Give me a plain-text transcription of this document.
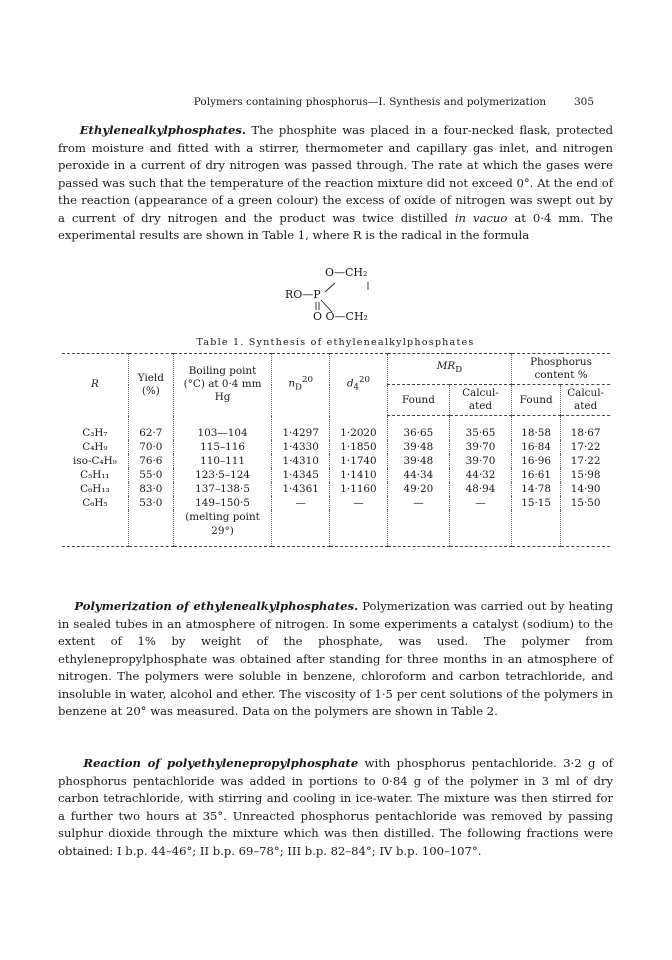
Polymers containing phosphorus—I. Synthesis and polymerization	305

Ethylenealkylphosphates. The phosphite was placed in a four-necked flask, protected from moisture and fitted with a stirrer, thermometer and capillary gas inlet, and nitrogen peroxide in a current of dry nitrogen was passed through. The rate at which the gases were passed was such that the temperature of the reaction mixture did not exceed 0°. At the end of the reaction (appearance of a green colour) the excess of oxide of nitrogen was swept out by a current of dry nitrogen and the product was twice distilled in vacuo at 0·4 mm. The experimental results are shown in Table 1, where R is the radical in the formula

O—CH₂
RO—P
O O—CH₂
Table 1. Synthesis of ethylenealkylphosphates
R	Yield (%)	Boiling point (°C) at 0·4 mm Hg	$n_D^{20}$	$d_4^{20}$	$MR_D$		Phosphorus content %	
					Found	Calcul-ated	Found	Calcul-ated
C₃H₇	62·7	103—104	1·4297	1·2020	36·65	35·65	18·58	18·67
C₄H₉	70·0	115–116	1·4330	1·1850	39·48	39·70	16·84	17·22
iso-C₄H₉	76·6	110–111	1·4310	1·1740	39·48	39·70	16·96	17·22
C₅H₁₁	55·0	123·5–124	1·4345	1·1410	44·34	44·32	16·61	15·98
C₆H₁₃	83·0	137–138·5	1·4361	1·1160	49·20	48·94	14·78	14·90
C₆H₅	53·0	149–150·5	—	—	—	—	15·15	15·50
		(melting point 29°)						

Polymerization of ethylenealkylphosphates. Polymerization was carried out by heating in sealed tubes in an atmosphere of nitrogen. In some experiments a catalyst (sodium) to the extent of 1% by weight of the phosphate, was used. The polymer from ethylenepropylphosphate was obtained after standing for three months in an atmosphere of nitrogen. The polymers were soluble in benzene, chloroform and carbon tetrachloride, and insoluble in water, alcohol and ether. The viscosity of 1·5 per cent solutions of the polymers in benzene at 20° was measured. Data on the polymers are shown in Table 2.

Reaction of polyethylenepropylphosphate with phosphorus pentachloride. 3·2 g of phosphorus pentachloride was added in portions to 0·84 g of the polymer in 3 ml of dry carbon tetrachloride, with stirring and cooling in ice-water. The mixture was then stirred for a further two hours at 35°. Unreacted phosphorus pentachloride was removed by passing sulphur dioxide through the mixture which was then distilled. The following fractions were obtained: I b.p. 44–46°; II b.p. 69–78°; III b.p. 82–84°; IV b.p. 100–107°.
